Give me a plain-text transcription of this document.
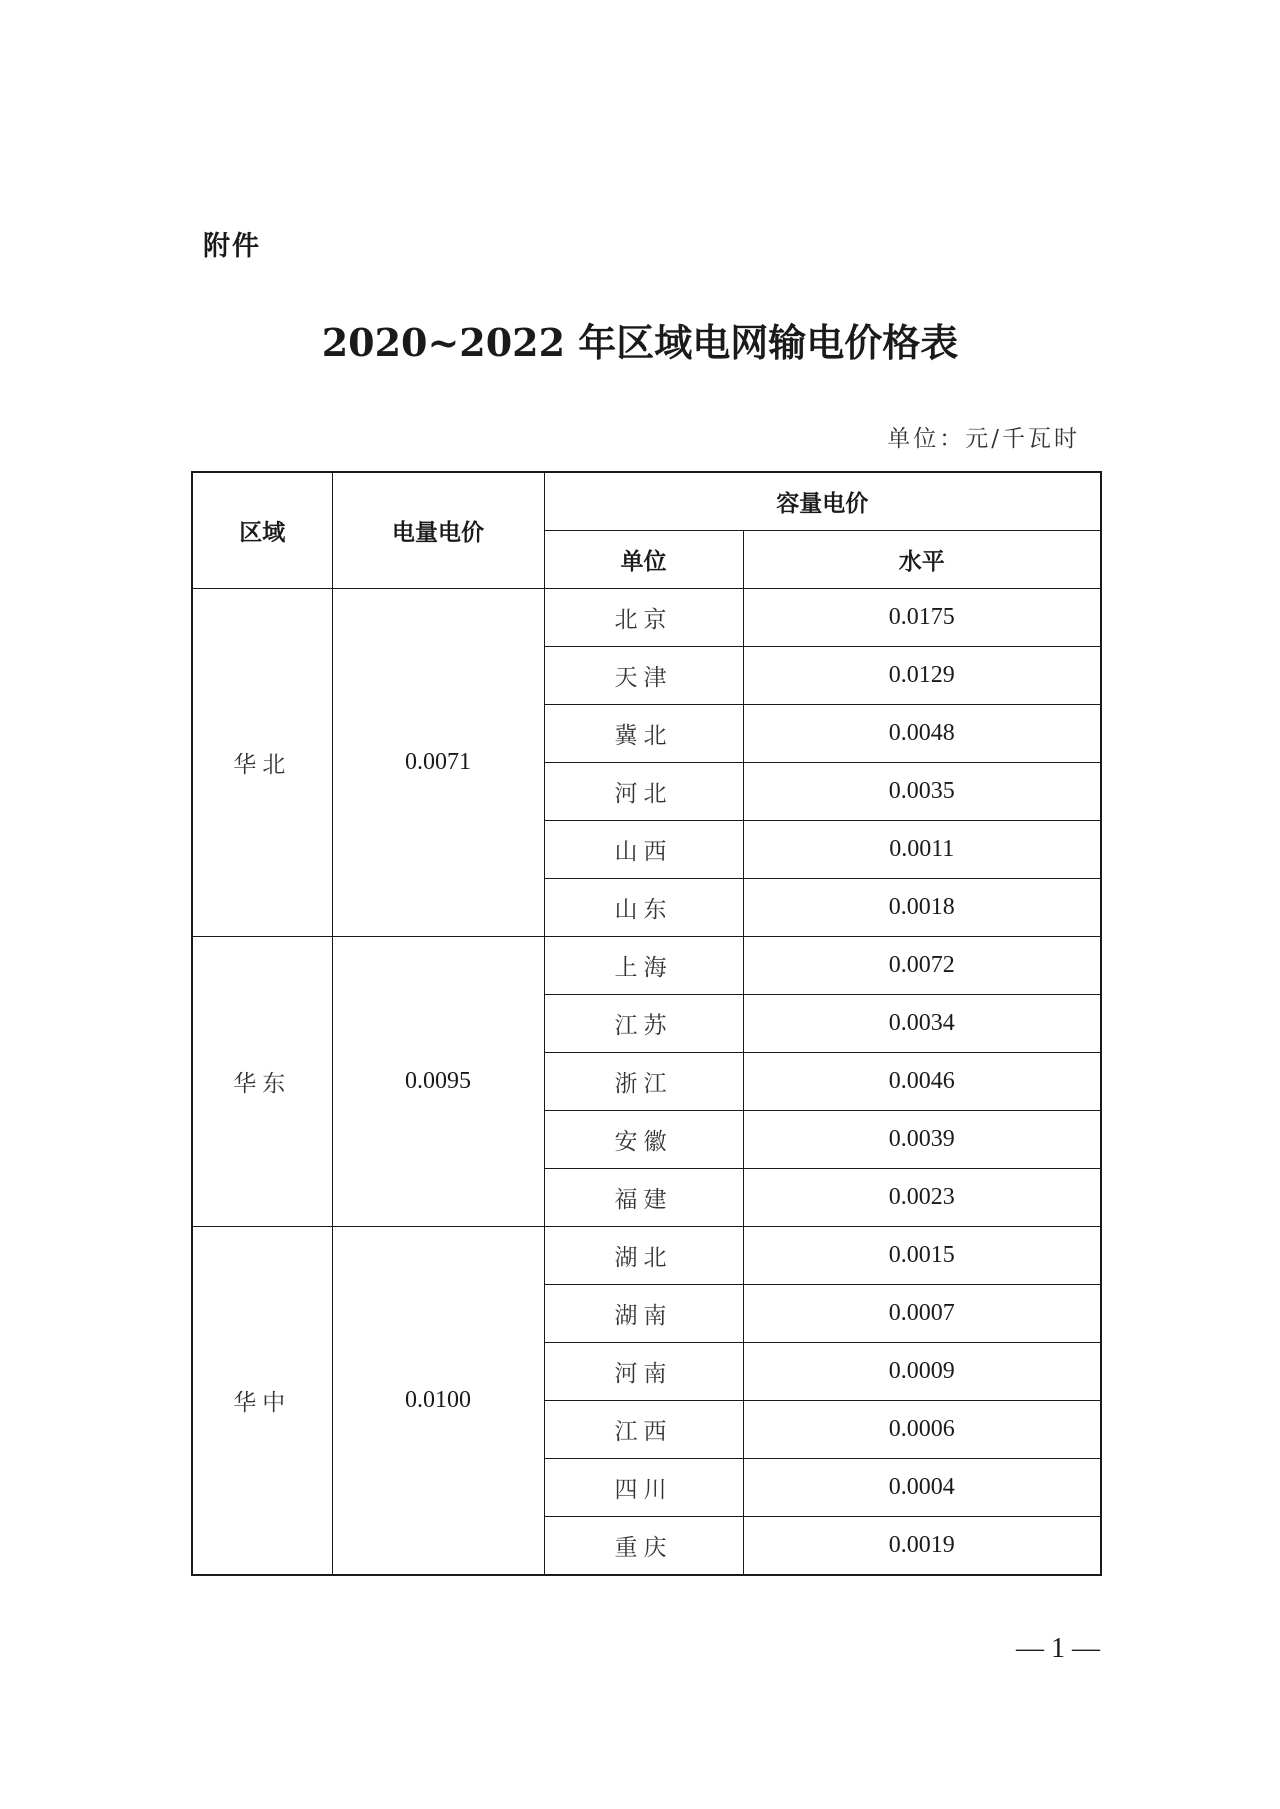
附件
2020~2022 年区域电网输电价格表
单位：元/千瓦时
区域	电量电价	容量电价	
		单位	水平
华北	0.0071	北京	0.0175
		天津	0.0129
		冀北	0.0048
		河北	0.0035
		山西	0.0011
		山东	0.0018
华东	0.0095	上海	0.0072
		江苏	0.0034
		浙江	0.0046
		安徽	0.0039
		福建	0.0023
华中	0.0100	湖北	0.0015
		湖南	0.0007
		河南	0.0009
		江西	0.0006
		四川	0.0004
		重庆	0.0019
— 1 —
